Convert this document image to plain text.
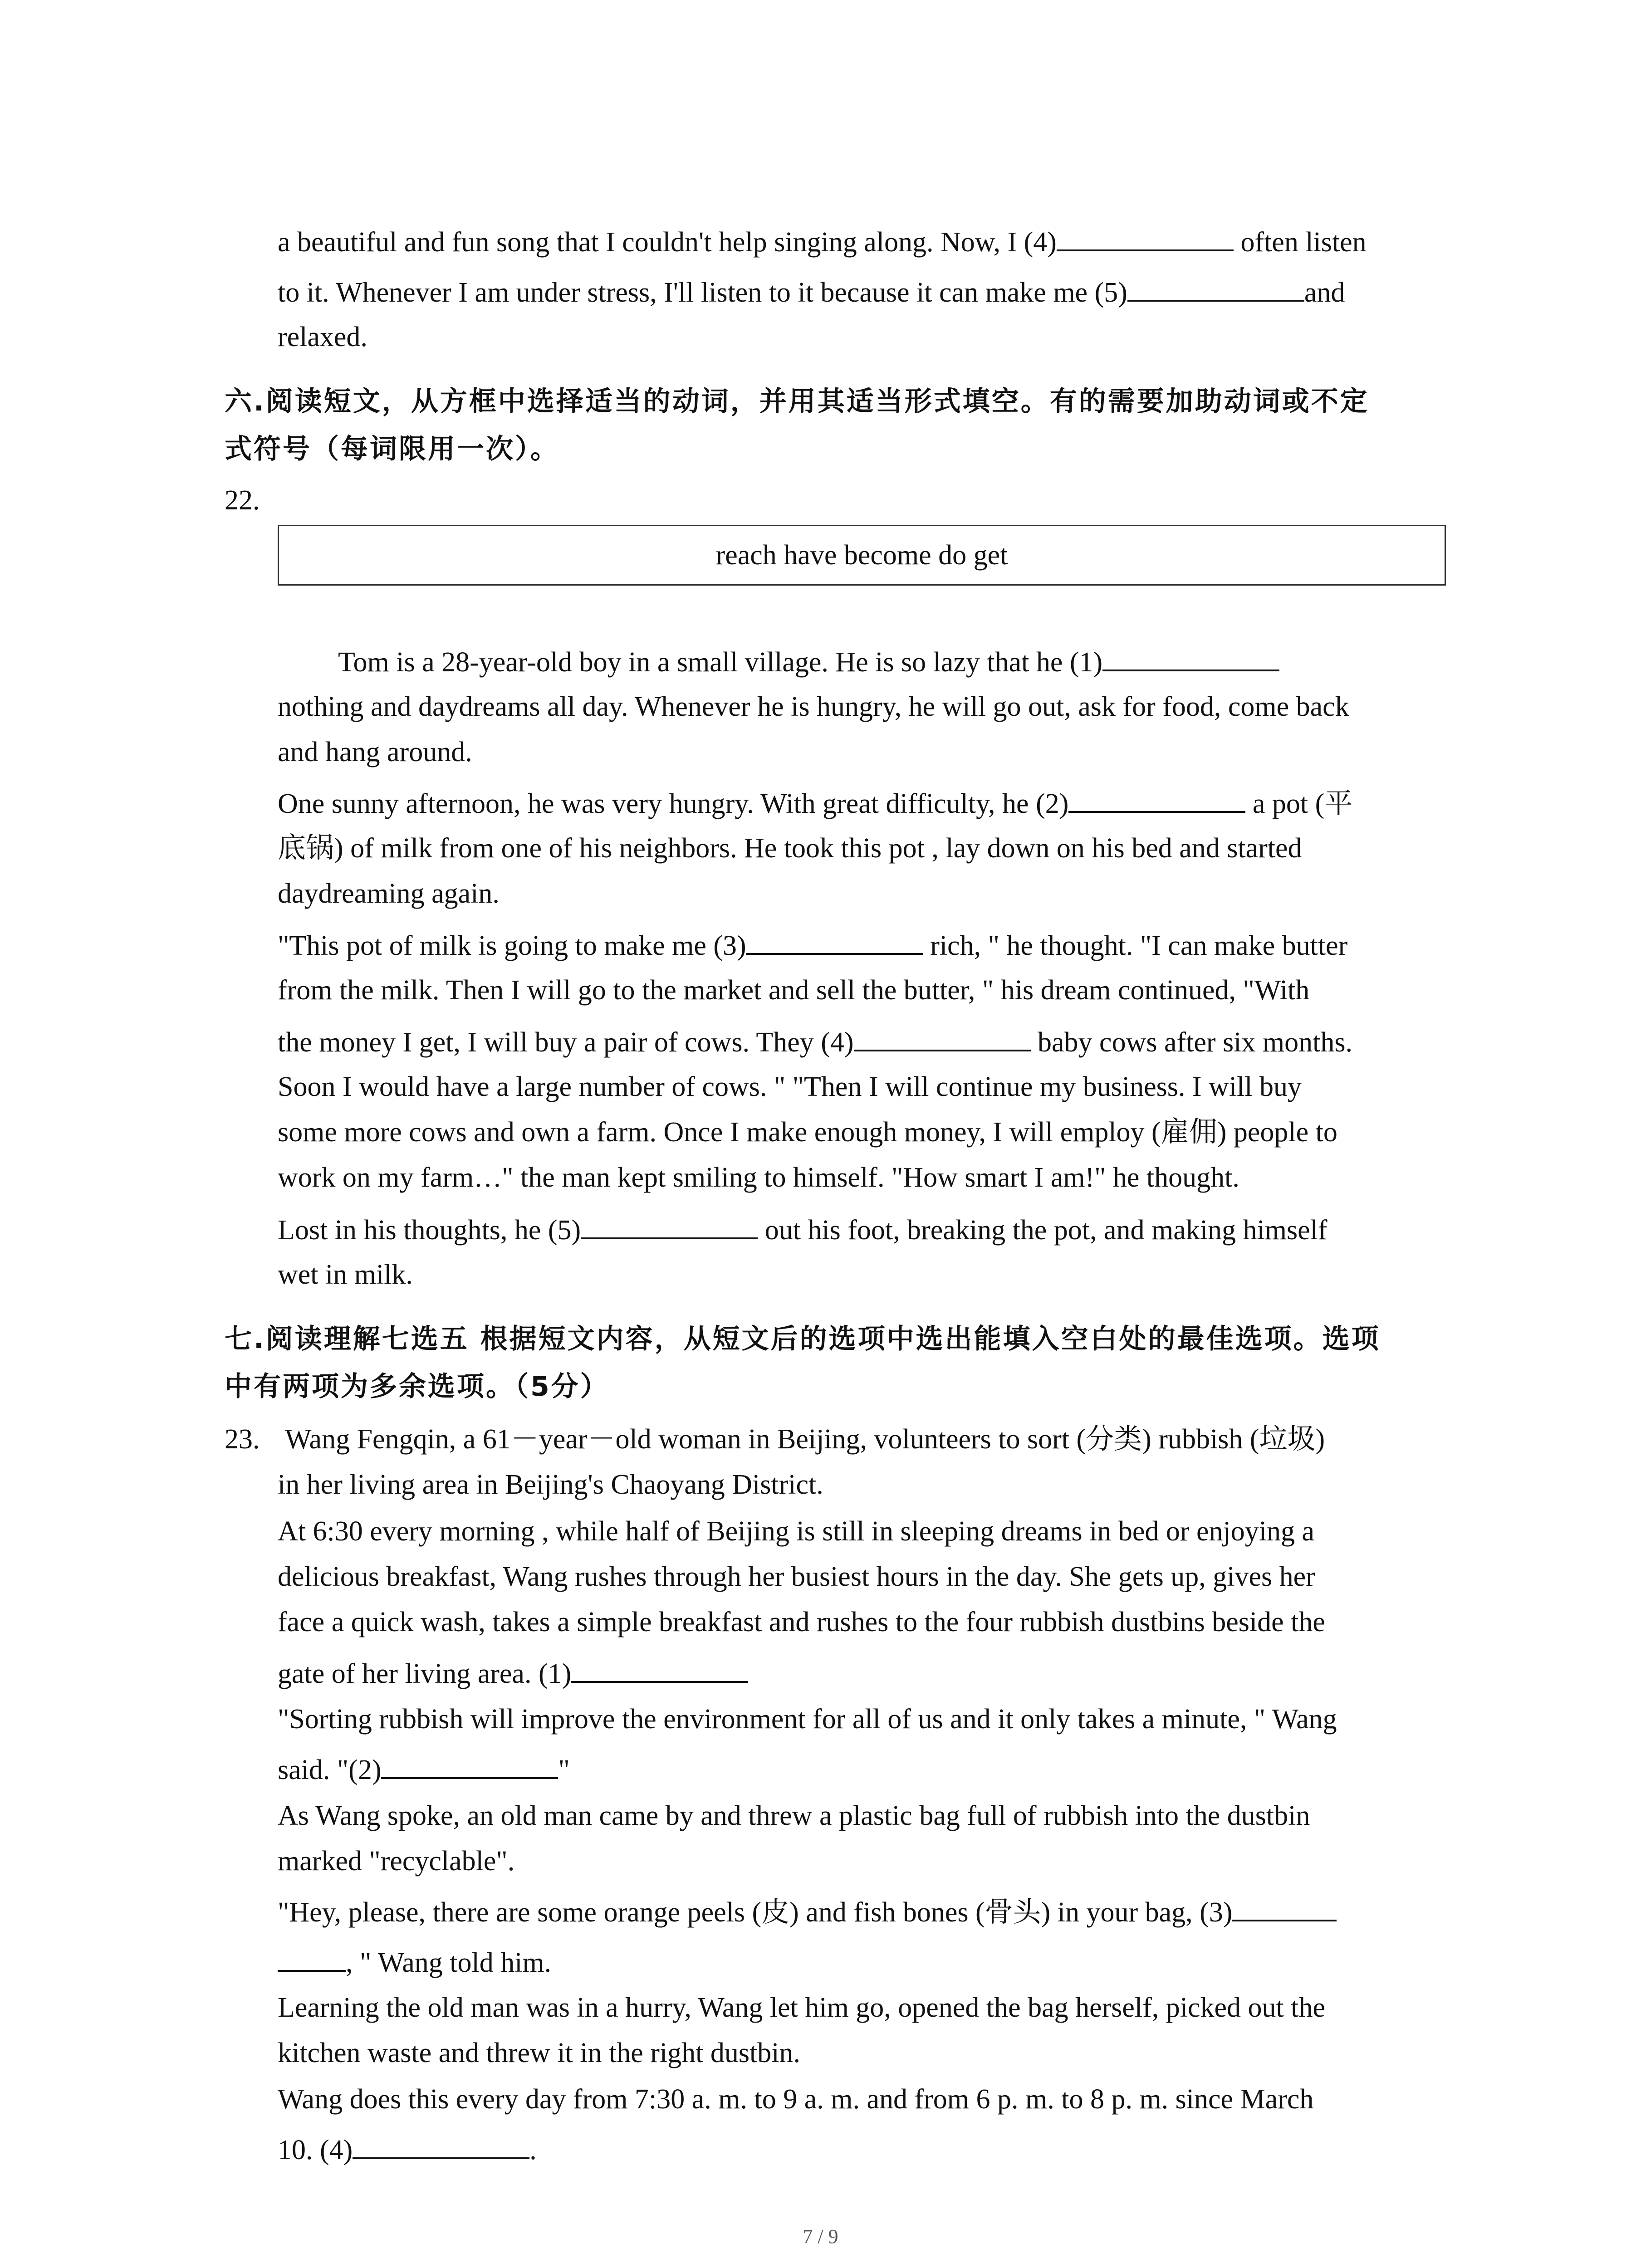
a beautiful and fun song that I couldn't help singing along. Now, I (4)	often listen
to it. Whenever I am under stress, I'll listen to it because it can make me (5)	and
relaxed.
六.阅读短文，从方框中选择适当的动词，并用其适当形式填空。有的需要加助动词或不定
式符号（每词限用一次）。
22.
reach have become do get
Tom is a 28-year-old boy in a small village. He is so lazy that he (1)
nothing and daydreams all day. Whenever he is hungry, he will go out, ask for food, come back
and hang around.
One sunny afternoon, he was very hungry. With great difficulty, he (2)	a pot (平
底锅) of milk from one of his neighbors. He took this pot , lay down on his bed and started
daydreaming again.
"This pot of milk is going to make me (3)	rich, " he thought. "I can make butter
from the milk. Then I will go to the market and sell the butter, " his dream continued, "With
the money I get, I will buy a pair of cows. They (4)	baby cows after six months.
Soon I would have a large number of cows. " "Then I will continue my business. I will buy
some more cows and own a farm. Once I make enough money, I will employ (雇佣) people to
work on my farm…" the man kept smiling to himself. "How smart I am!" he thought.
Lost in his thoughts, he (5)	out his foot, breaking the pot, and making himself
wet in milk.
七.阅读理解七选五 根据短文内容，从短文后的选项中选出能填入空白处的最佳选项。选项
中有两项为多余选项。（5分）
23. Wang Fengqin, a 61－year－old woman in Beijing, volunteers to sort (分类) rubbish (垃圾)
in her living area in Beijing's Chaoyang District.
At 6:30 every morning , while half of Beijing is still in sleeping dreams in bed or enjoying a
delicious breakfast, Wang rushes through her busiest hours in the day. She gets up, gives her
face a quick wash, takes a simple breakfast and rushes to the four rubbish dustbins beside the
gate of her living area. (1)
"Sorting rubbish will improve the environment for all of us and it only takes a minute, " Wang
said. "(2)	"
As Wang spoke, an old man came by and threw a plastic bag full of rubbish into the dustbin
marked "recyclable".
"Hey, please, there are some orange peels (皮) and fish bones (骨头) in your bag, (3)
, " Wang told him.
Learning the old man was in a hurry, Wang let him go, opened the bag herself, picked out the
kitchen waste and threw it in the right dustbin.
Wang does this every day from 7:30 a. m. to 9 a. m. and from 6 p. m. to 8 p. m. since March
10. (4)	.
7 / 9
